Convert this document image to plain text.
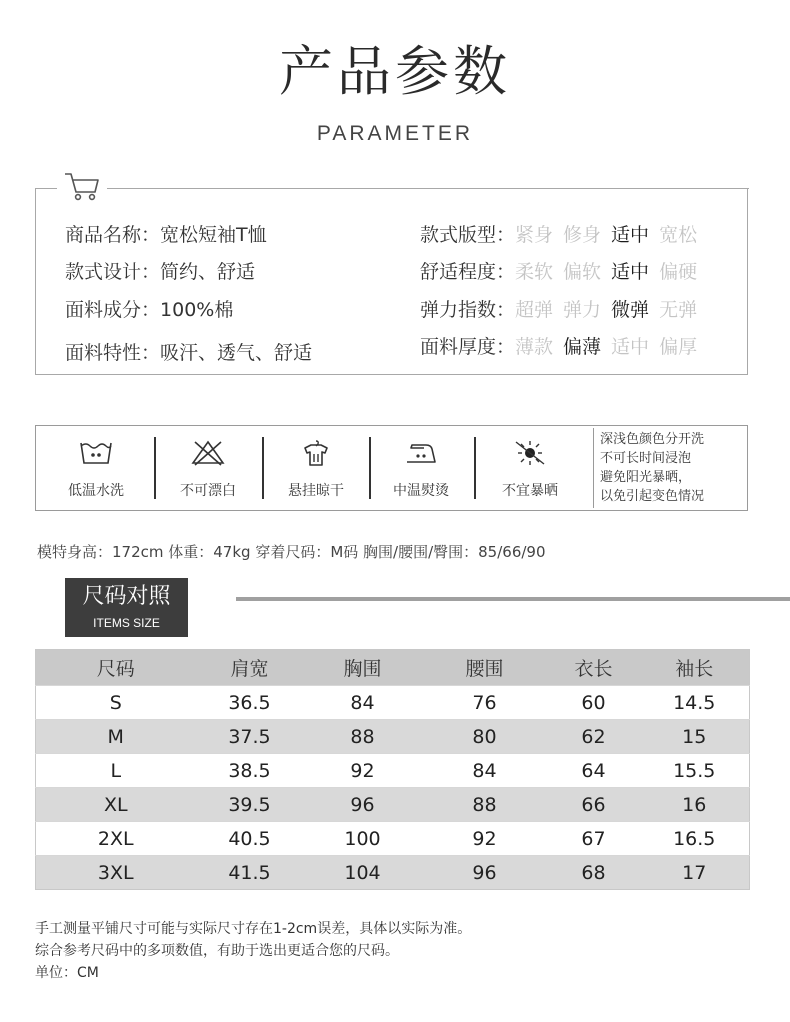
产品参数
PARAMETER
商品名称：宽松短袖T恤
款式设计：简约、舒适
面料成分：100%棉
面料特性：吸汗、透气、舒适
款式版型：紧身 修身 适中 宽松
舒适程度：柔软 偏软 适中 偏硬
弹力指数：超弹 弹力 微弹 无弹
面料厚度：薄款 偏薄 适中 偏厚
低温水洗	不可漂白	悬挂晾干	中温熨烫	不宜暴晒
深浅色颜色分开洗
不可长时间浸泡
避免阳光暴晒，
以免引起变色情况
模特身高：172cm 体重：47kg 穿着尺码：M码 胸围/腰围/臀围：85/66/90
尺码对照
ITEMS SIZE
尺码	肩宽	胸围	腰围	衣长	袖长
S	36.5	84	76	60	14.5
M	37.5	88	80	62	15
L	38.5	92	84	64	15.5
XL	39.5	96	88	66	16
2XL	40.5	100	92	67	16.5
3XL	41.5	104	96	68	17
手工测量平铺尺寸可能与实际尺寸存在1-2cm误差，具体以实际为准。
综合参考尺码中的多项数值，有助于选出更适合您的尺码。
单位：CM
